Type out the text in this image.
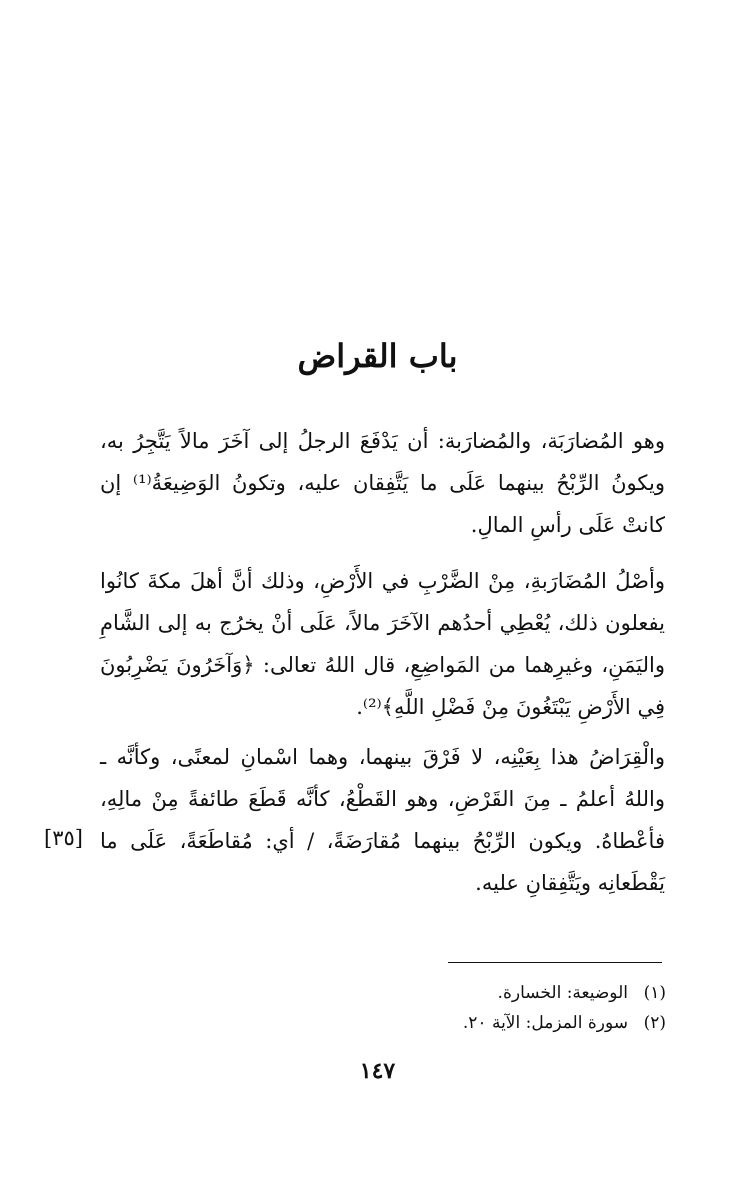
باب القراض

وهو المُضارَبَة، والمُضارَبة: أن يَدْفَعَ الرجلُ إلى آخَرَ مالاً يَتَّجِرُ به، ويكونُ الرِّبْحُ بينهما عَلَى ما يَتَّفِقان عليه، وتكونُ الوَضِيعَةُ⁽¹⁾ إن كانتْ عَلَى رأسِ المالِ.

وأصْلُ المُضَارَبةِ، مِنْ الضَّرْبِ في الأَرْضِ، وذلك أنَّ أهلَ مكةَ كانُوا يفعلون ذلك، يُعْطِي أحدُهم الآخَرَ مالاً، عَلَى أنْ يخرُج به إلى الشَّامِ واليَمَنِ، وغيرِهما من المَواضِعِ، قال اللهُ تعالى: ﴿وَآخَرُونَ يَضْرِبُونَ فِي الأَرْضِ يَبْتَغُونَ مِنْ فَضْلِ اللَّهِ﴾⁽²⁾.

والْقِرَاضُ هذا بِعَيْنِه، لا فَرْقَ بينهما، وهما اسْمانِ لمعنًى، وكأنَّه ـ واللهُ أعلمُ ـ مِنَ القَرْضِ، وهو القَطْعُ، كأنَّه قَطَعَ طائفةً مِنْ مالِهِ، فأعْطاهُ. ويكون الرِّبْحُ بينهما مُقارَضَةً، / أي: مُقاطَعَةً، عَلَى ما يَقْطَعانِه ويَتَّفِقانِ عليه.

[٣٥]
(١)
الوضيعة: الخسارة.
(٢)
سورة المزمل: الآية ٢٠.
١٤٧
